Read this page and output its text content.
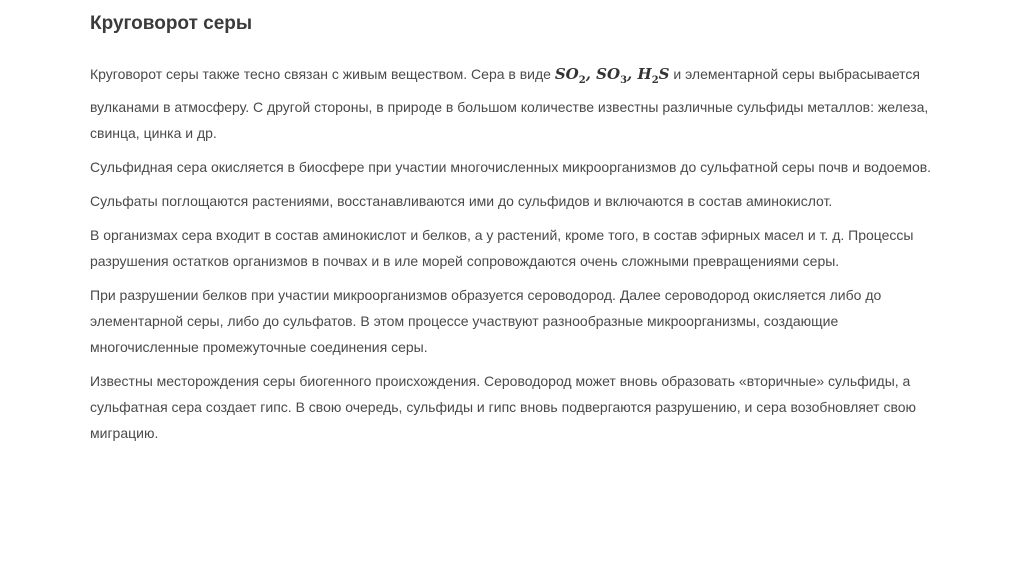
Круговорот серы

Круговорот серы также тесно связан с живым веществом. Сера в виде $SO_2$, $SO_3$, $H_2S$ и элементарной серы выбрасывается вулканами в атмосферу. С другой стороны, в природе в большом количестве известны различные сульфиды металлов: железа, свинца, цинка и др.

Сульфидная сера окисляется в биосфере при участии многочисленных микроорганизмов до сульфатной серы почв и водоемов.

Сульфаты поглощаются растениями, восстанавливаются ими до сульфидов и включаются в состав аминокислот.

В организмах сера входит в состав аминокислот и белков, а у растений, кроме того, в состав эфирных масел и т. д. Процессы разрушения остатков организмов в почвах и в иле морей сопровождаются очень сложными превращениями серы.

При разрушении белков при участии микроорганизмов образуется сероводород. Далее сероводород окисляется либо до элементарной серы, либо до сульфатов. В этом процессе участвуют разнообразные микроорганизмы, создающие многочисленные промежуточные соединения серы.

Известны месторождения серы биогенного происхождения. Сероводород может вновь образовать «вторичные» сульфиды, а сульфатная сера создает гипс. В свою очередь, сульфиды и гипс вновь подвергаются разрушению, и сера возобновляет свою миграцию.
